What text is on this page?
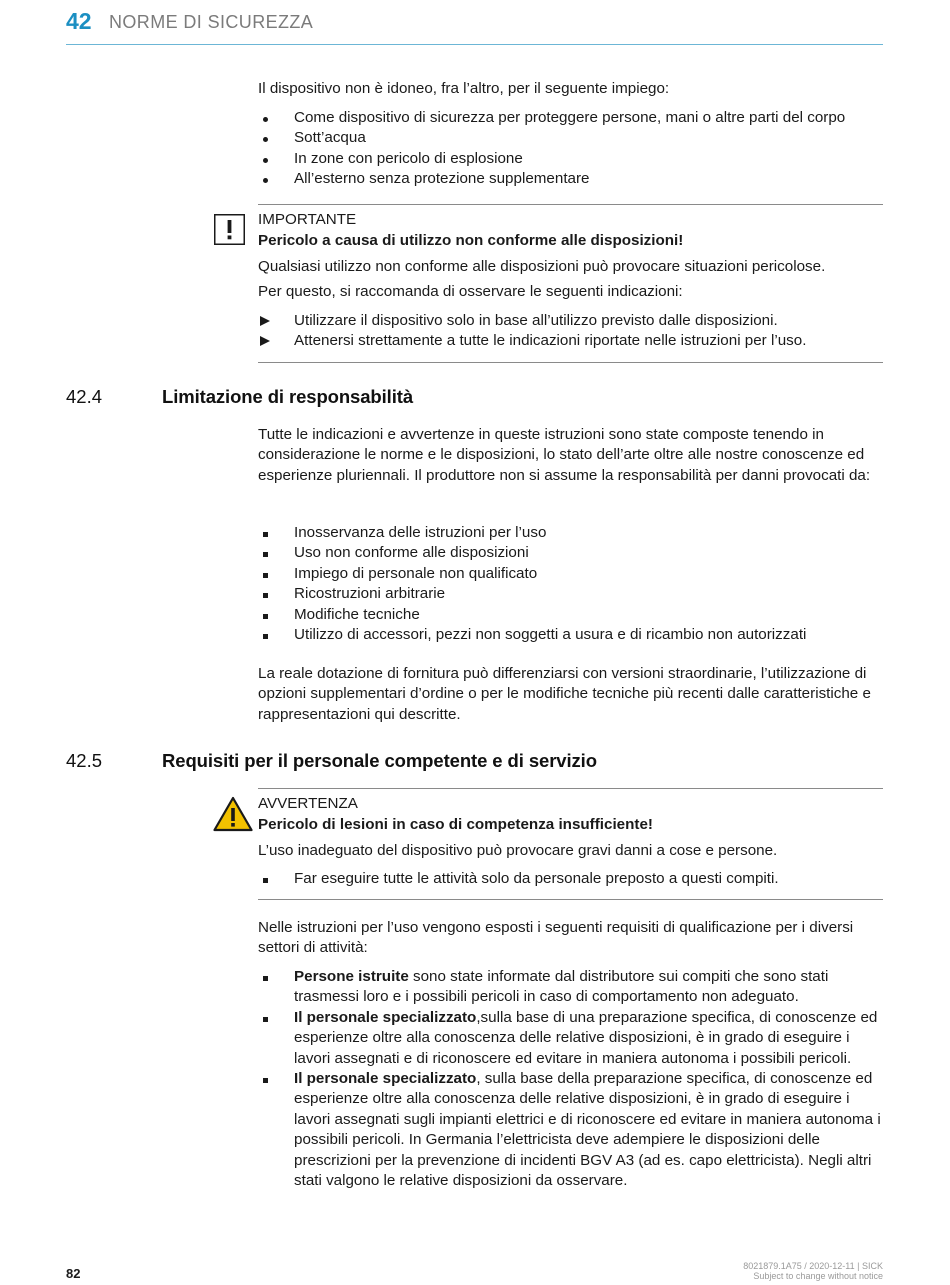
42 NORME DI SICUREZZA

Il dispositivo non è idoneo, fra l’altro, per il seguente impiego:

Come dispositivo di sicurezza per proteggere persone, mani o altre parti del corpo
Sott’acqua
In zone con pericolo di esplosione
All’esterno senza protezione supplementare
IMPORTANTE
Pericolo a causa di utilizzo non conforme alle disposizioni!

Qualsiasi utilizzo non conforme alle disposizioni può provocare situazioni pericolose.

Per questo, si raccomanda di osservare le seguenti indicazioni:

Utilizzare il dispositivo solo in base all’utilizzo previsto dalle disposizioni.
Attenersi strettamente a tutte le indicazioni riportate nelle istruzioni per l’uso.
42.4	Limitazione di responsabilità

Tutte le indicazioni e avvertenze in queste istruzioni sono state composte tenendo in considerazione le norme e le disposizioni, lo stato dell’arte oltre alle nostre conoscenze ed esperienze pluriennali. Il produttore non si assume la responsabilità per danni provocati da:

Inosservanza delle istruzioni per l’uso
Uso non conforme alle disposizioni
Impiego di personale non qualificato
Ricostruzioni arbitrarie
Modifiche tecniche
Utilizzo di accessori, pezzi non soggetti a usura e di ricambio non autorizzati

La reale dotazione di fornitura può differenziarsi con versioni straordinarie, l’utilizzazione di opzioni supplementari d’ordine o per le modifiche tecniche più recenti dalle caratteristiche e rappresentazioni qui descritte.

42.5	Requisiti per il personale competente e di servizio
AVVERTENZA
Pericolo di lesioni in caso di competenza insufficiente!

L’uso inadeguato del dispositivo può provocare gravi danni a cose e persone.

Far eseguire tutte le attività solo da personale preposto a questi compiti.

Nelle istruzioni per l’uso vengono esposti i seguenti requisiti di qualificazione per i diversi settori di attività:

Persone istruite sono state informate dal distributore sui compiti che sono stati trasmessi loro e i possibili pericoli in caso di comportamento non adeguato.
Il personale specializzato,sulla base di una preparazione specifica, di conoscenze ed esperienze oltre alla conoscenza delle relative disposizioni, è in grado di eseguire i lavori assegnati e di riconoscere ed evitare in maniera autonoma i possibili pericoli.
Il personale specializzato, sulla base della preparazione specifica, di conoscenze ed esperienze oltre alla conoscenza delle relative disposizioni, è in grado di eseguire i lavori assegnati sugli impianti elettrici e di riconoscere ed evitare in maniera autonoma i possibili pericoli. In Germania l’elettricista deve adempiere le disposizioni delle prescrizioni per la prevenzione di incidenti BGV A3 (ad es. capo elettricista). Negli altri stati valgono le relative disposizioni da osservare.
82	8021879.1A75 / 2020-12-11 | SICK
Subject to change without notice
